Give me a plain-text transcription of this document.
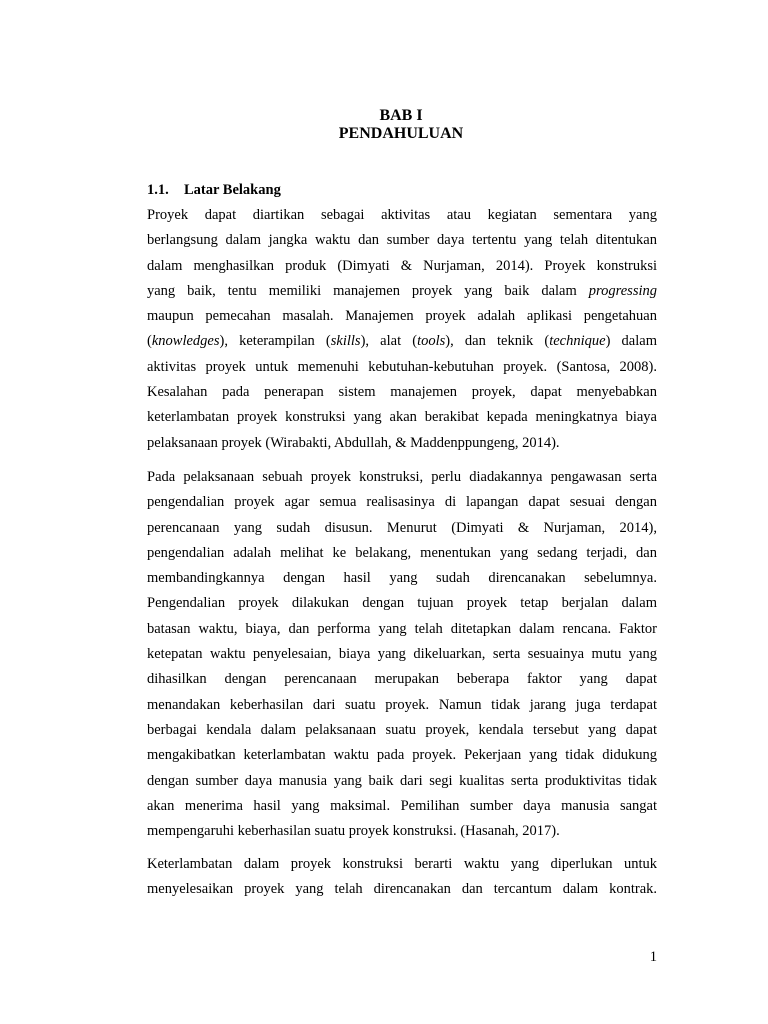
BAB I
PENDAHULUAN
1.1. Latar Belakang
Proyek dapat diartikan sebagai aktivitas atau kegiatan sementara yang
berlangsung dalam jangka waktu dan sumber daya tertentu yang telah ditentukan
dalam menghasilkan produk (Dimyati & Nurjaman, 2014). Proyek konstruksi
yang baik, tentu memiliki manajemen proyek yang baik dalam progressing
maupun pemecahan masalah. Manajemen proyek adalah aplikasi pengetahuan
(knowledges), keterampilan (skills), alat (tools), dan teknik (technique) dalam
aktivitas proyek untuk memenuhi kebutuhan-kebutuhan proyek. (Santosa, 2008).
Kesalahan pada penerapan sistem manajemen proyek, dapat menyebabkan
keterlambatan proyek konstruksi yang akan berakibat kepada meningkatnya biaya
pelaksanaan proyek (Wirabakti, Abdullah, & Maddenppungeng, 2014).
Pada pelaksanaan sebuah proyek konstruksi, perlu diadakannya pengawasan serta
pengendalian proyek agar semua realisasinya di lapangan dapat sesuai dengan
perencanaan yang sudah disusun. Menurut (Dimyati & Nurjaman, 2014),
pengendalian adalah melihat ke belakang, menentukan yang sedang terjadi, dan
membandingkannya dengan hasil yang sudah direncanakan sebelumnya.
Pengendalian proyek dilakukan dengan tujuan proyek tetap berjalan dalam
batasan waktu, biaya, dan performa yang telah ditetapkan dalam rencana. Faktor
ketepatan waktu penyelesaian, biaya yang dikeluarkan, serta sesuainya mutu yang
dihasilkan dengan perencanaan merupakan beberapa faktor yang dapat
menandakan keberhasilan dari suatu proyek. Namun tidak jarang juga terdapat
berbagai kendala dalam pelaksanaan suatu proyek, kendala tersebut yang dapat
mengakibatkan keterlambatan waktu pada proyek. Pekerjaan yang tidak didukung
dengan sumber daya manusia yang baik dari segi kualitas serta produktivitas tidak
akan menerima hasil yang maksimal. Pemilihan sumber daya manusia sangat
mempengaruhi keberhasilan suatu proyek konstruksi. (Hasanah, 2017).
Keterlambatan dalam proyek konstruksi berarti waktu yang diperlukan untuk
menyelesaikan proyek yang telah direncanakan dan tercantum dalam kontrak.
1
